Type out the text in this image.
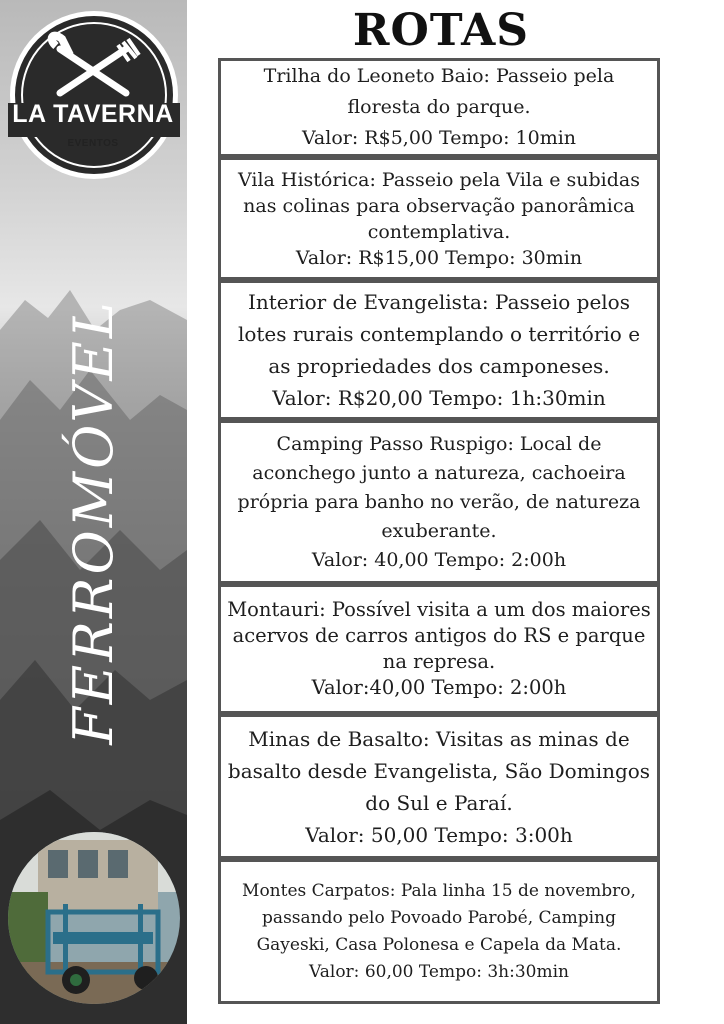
LA TAVERNA
EVENTOS
FERROMÓVEL
ROTAS

Trilha do Leoneto Baio: Passeio pela floresta do parque.

Valor: R$5,00 Tempo: 10min

Vila Histórica: Passeio pela Vila e subidas nas colinas para observação panorâmica contemplativa.

Valor: R$15,00 Tempo: 30min

Interior de Evangelista: Passeio pelos lotes rurais contemplando o território e as propriedades dos camponeses.

Valor: R$20,00 Tempo: 1h:30min

Camping Passo Ruspigo: Local de aconchego junto a natureza, cachoeira própria para banho no verão, de natureza exuberante.

Valor: 40,00 Tempo: 2:00h

Montauri: Possível visita a um dos maiores acervos de carros antigos do RS e parque na represa.

Valor:40,00 Tempo: 2:00h

Minas de Basalto: Visitas as minas de basalto desde Evangelista, São Domingos do Sul e Paraí.

Valor: 50,00 Tempo: 3:00h

Montes Carpatos: Pala linha 15 de novembro, passando pelo Povoado Parobé, Camping Gayeski, Casa Polonesa e Capela da Mata.

Valor: 60,00 Tempo: 3h:30min
